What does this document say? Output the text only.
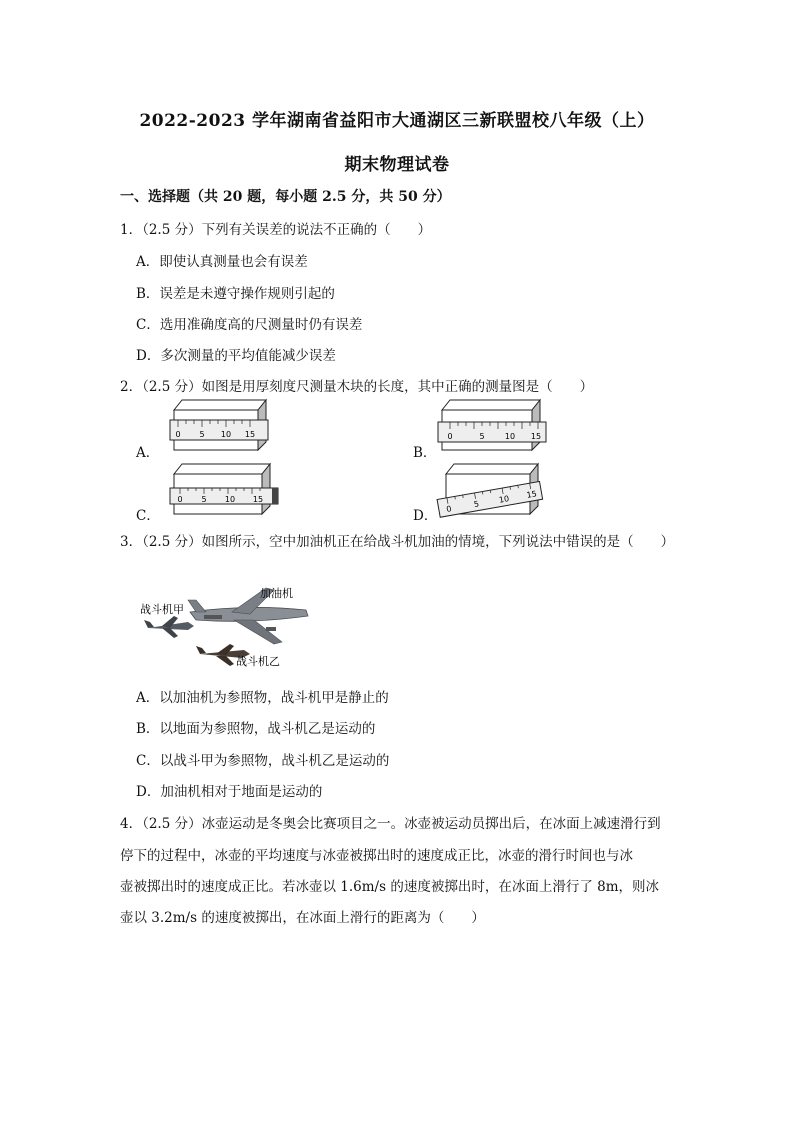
2022-2023 学年湖南省益阳市大通湖区三新联盟校八年级（上）
期末物理试卷
一、选择题（共 20 题，每小题 2.5 分，共 50 分）
1．（2.5 分）下列有关误差的说法不正确的（　　）
A．即使认真测量也会有误差
B．误差是未遵守操作规则引起的
C．选用准确度高的尺测量时仍有误差
D．多次测量的平均值能减少误差
2．（2.5 分）如图是用厚刻度尺测量木块的长度，其中正确的测量图是（　　）
A．
0 5 10 15
B．
0	5	10 15
C．
0 5 10 15
D． 0	5 10 15
3．（2.5 分）如图所示，空中加油机正在给战斗机加油的情境，下列说法中错误的是（　　）
加油机
战斗机甲
战斗机乙
A．以加油机为参照物，战斗机甲是静止的
B．以地面为参照物，战斗机乙是运动的
C．以战斗甲为参照物，战斗机乙是运动的
D．加油机相对于地面是运动的
4．（2.5 分）冰壶运动是冬奥会比赛项目之一。冰壶被运动员掷出后，在冰面上减速滑行到
停下的过程中，冰壶的平均速度与冰壶被掷出时的速度成正比，冰壶的滑行时间也与冰
壶被掷出时的速度成正比。若冰壶以 1.6m/s 的速度被掷出时，在冰面上滑行了 8m，则冰
壶以 3.2m/s 的速度被掷出，在冰面上滑行的距离为（　　）
